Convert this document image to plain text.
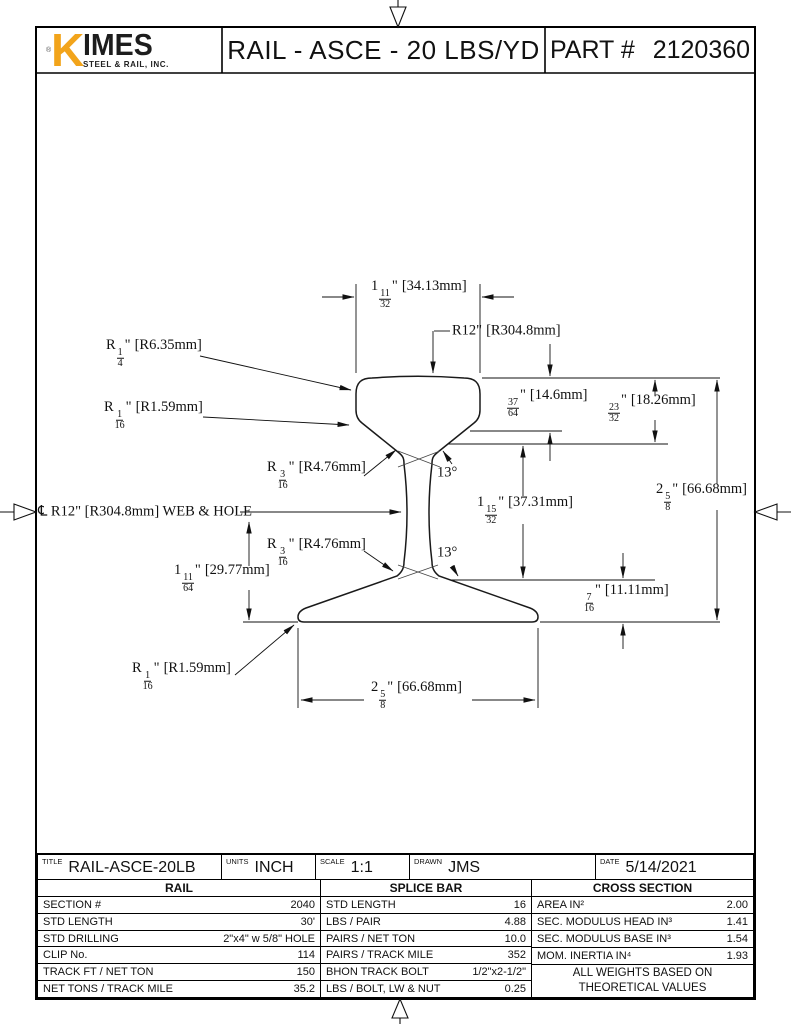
® K IMES
STEEL & RAIL, INC. RAIL - ASCE - 20 LBS/YD PART # 2120360
1
$\frac{11}{32}$
" [34.13mm]
R12" [R304.8mm]
R
$\frac{1}{4}$
" [R6.35mm]
R
$\frac{1}{16}$
" [R1.59mm]	$\frac{37}{64}$
" [14.6mm]
$\frac{23}{32}$
" [18.26mm]
2
$\frac{5}{8}$
" [66.68mm]
R
$\frac{3}{16}$
" [R4.76mm]	13°
1
$\frac{15}{32}$
" [37.31mm]
℄ R12" [R304.8mm] WEB & HOLE
R
$\frac{3}{16}$
" [R4.76mm]
13°
1
$\frac{11}{64}$
" [29.77mm]
$\frac{7}{16}$
" [11.11mm]
R
$\frac{1}{16}$
" [R1.59mm]
2
$\frac{5}{8}$
" [66.68mm]
TITLE RAIL-ASCE-20LB	UNITS INCH	SCALE 1:1	DRAWN JMS	DATE 5/14/2021
RAIL	SPLICE BAR	CROSS SECTION
SECTION #	2040
STD LENGTH	30'
STD DRILLING	2"x4" w 5/8" HOLE
CLIP No.	114
TRACK FT / NET TON	150
NET TONS / TRACK MILE	35.2
STD LENGTH	16
LBS / PAIR	4.88
PAIRS / NET TON	10.0
PAIRS / TRACK MILE	352
BHON TRACK BOLT	1/2"x2-1/2"
LBS / BOLT, LW & NUT	0.25
AREA IN²	2.00
SEC. MODULUS HEAD IN³	1.41
SEC. MODULUS BASE IN³	1.54
MOM. INERTIA IN⁴	1.93
ALL WEIGHTS BASED ON
THEORETICAL VALUES
